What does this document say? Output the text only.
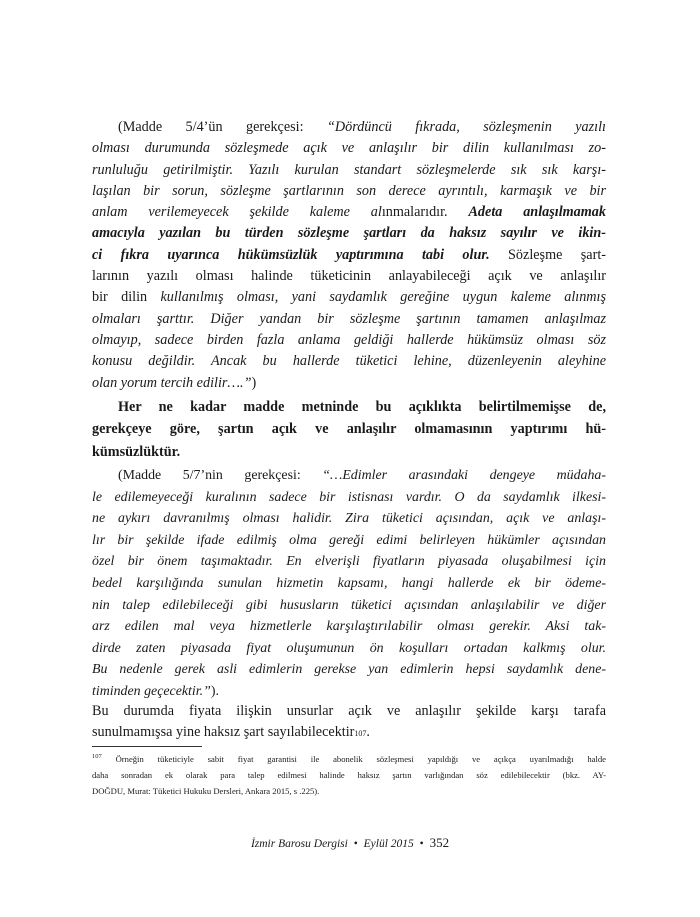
(Madde 5/4’ün gerekçesi: “Dördüncü fıkrada, sözleşmenin yazılı
olması durumunda sözleşmede açık ve anlaşılır bir dilin kullanılması zo-
runluluğu getirilmiştir. Yazılı kurulan standart sözleşmelerde sık sık karşı-
laşılan bir sorun, sözleşme şartlarının son derece ayrıntılı, karmaşık ve bir
anlam verilemeyecek şekilde kaleme alınmalarıdır. Adeta anlaşılmamak
amacıyla yazılan bu türden sözleşme şartları da haksız sayılır ve ikin-
ci fıkra uyarınca hükümsüzlük yaptırımına tabi olur. Sözleşme şart-
larının yazılı olması halinde tüketicinin anlayabileceği açık ve anlaşılır
bir dilin kullanılmış olması, yani saydamlık gereğine uygun kaleme alınmış
olmaları şarttır. Diğer yandan bir sözleşme şartının tamamen anlaşılmaz
olmayıp, sadece birden fazla anlama geldiği hallerde hükümsüz olması söz
konusu değildir. Ancak bu hallerde tüketici lehine, düzenleyenin aleyhine
olan yorum tercih edilir….”)
Her ne kadar madde metninde bu açıklıkta belirtilmemişse de,
gerekçeye göre, şartın açık ve anlaşılır olmamasının yaptırımı hü-
kümsüzlüktür.
(Madde 5/7’nin gerekçesi: “…Edimler arasındaki dengeye müdaha-
le edilemeyeceği kuralının sadece bir istisnası vardır. O da saydamlık ilkesi-
ne aykırı davranılmış olması halidir. Zira tüketici açısından, açık ve anlaşı-
lır bir şekilde ifade edilmiş olma gereği edimi belirleyen hükümler açısından
özel bir önem taşımaktadır. En elverişli fiyatların piyasada oluşabilmesi için
bedel karşılığında sunulan hizmetin kapsamı, hangi hallerde ek bir ödeme-
nin talep edilebileceği gibi hususların tüketici açısından anlaşılabilir ve diğer
arz edilen mal veya hizmetlerle karşılaştırılabilir olması gerekir. Aksi tak-
dirde zaten piyasada fiyat oluşumunun ön koşulları ortadan kalkmış olur.
Bu nedenle gerek asli edimlerin gerekse yan edimlerin hepsi saydamlık dene-
timinden geçecektir.”).
Bu durumda fiyata ilişkin unsurlar açık ve anlaşılır şekilde karşı tarafa
sunulmamışsa yine haksız şart sayılabilecektir 107 .
$^{107}$ Örneğin tüketiciyle sabit fiyat garantisi ile abonelik sözleşmesi yapıldığı ve açıkça uyarılmadığı halde
daha sonradan ek olarak para talep edilmesi halinde haksız şartın varlığından söz edilebilecektir (bkz. AY-
DOĞDU, Murat: Tüketici Hukuku Dersleri, Ankara 2015, s .225).
İzmir Barosu Dergisi • Eylül 2015 • 352
